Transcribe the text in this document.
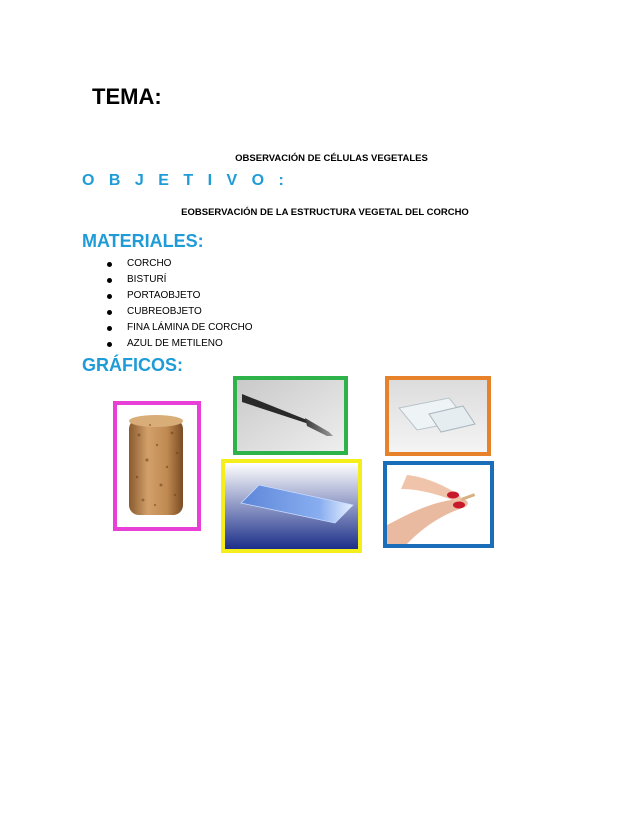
TEMA:
OBSERVACIÓN DE CÉLULAS VEGETALES
O B J E T I V O :
EOBSERVACIÓN DE LA ESTRUCTURA VEGETAL DEL CORCHO
MATERIALES:
CORCHO
BISTURÍ
PORTAOBJETO
CUBREOBJETO
FINA LÁMINA DE CORCHO
AZUL DE METILENO
GRÁFICOS:
